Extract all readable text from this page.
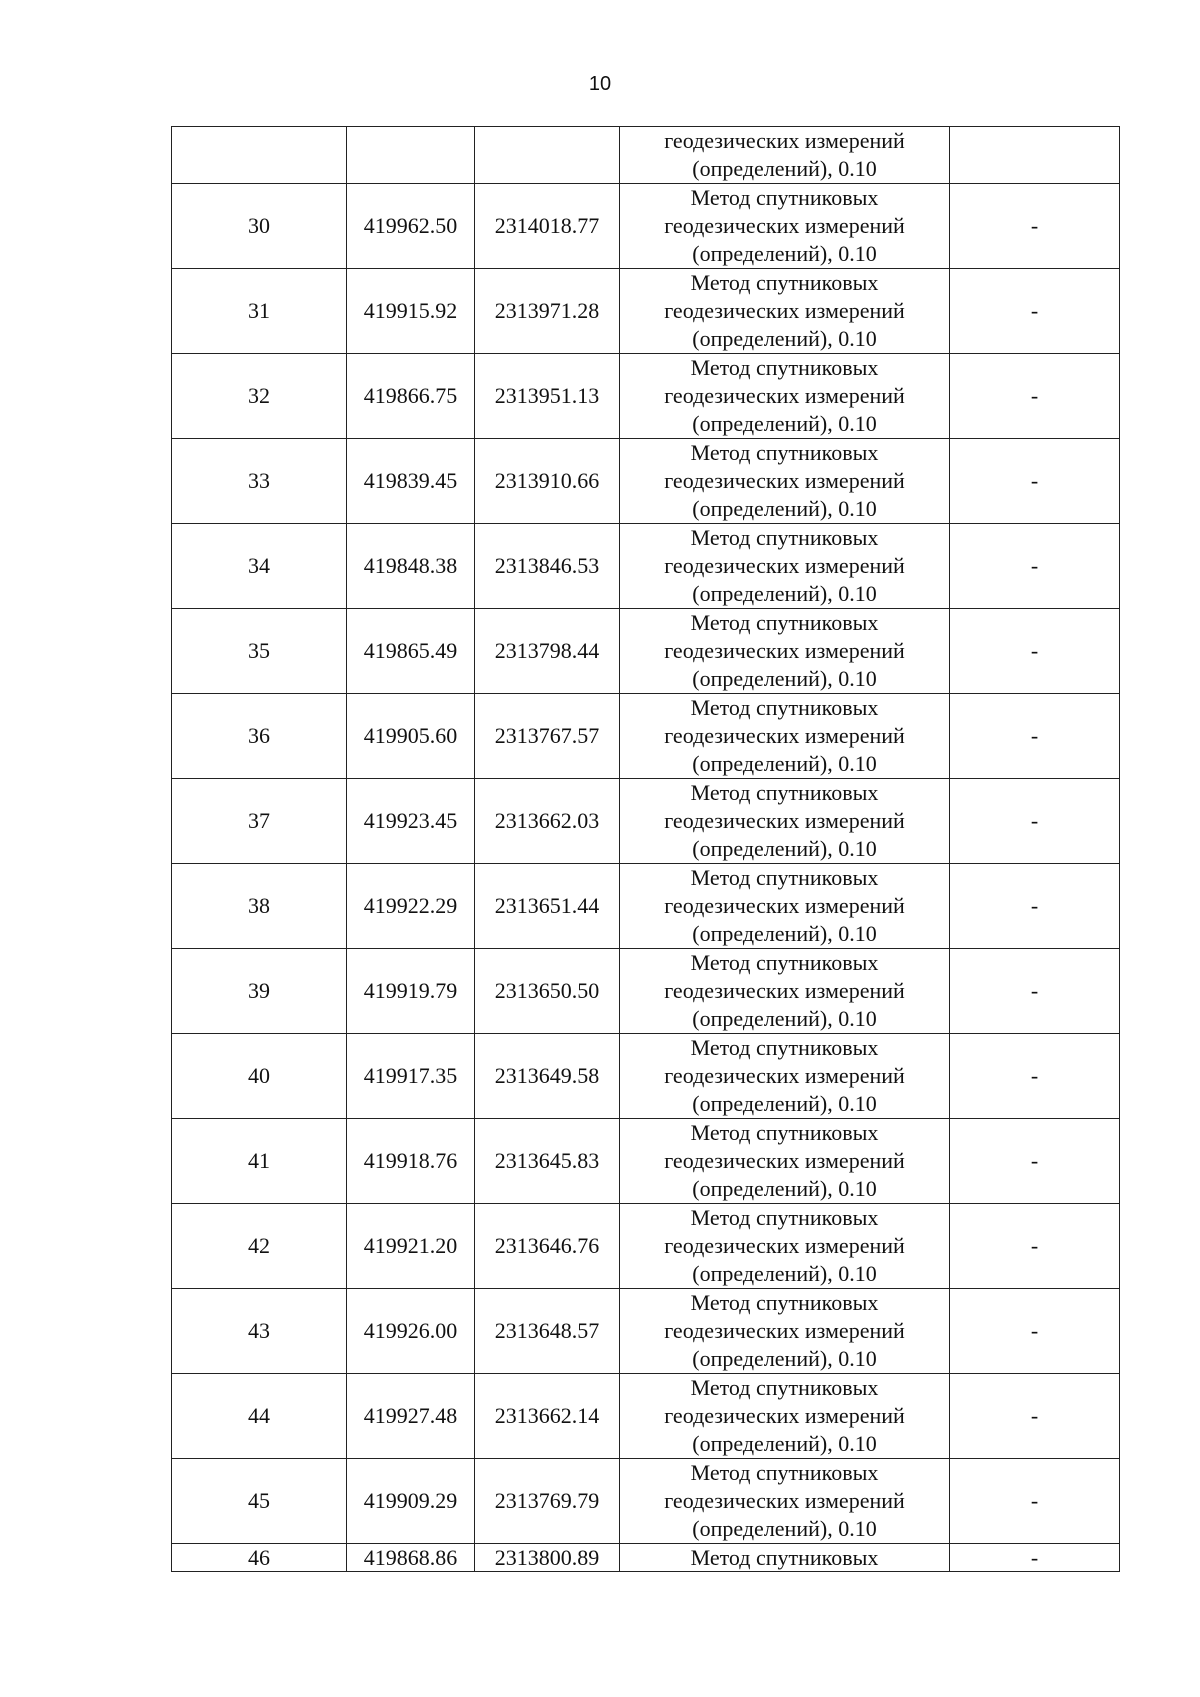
10

			геодезических измерений
(определений), 0.10	

30	419962.50	2314018.77	Метод спутниковых
геодезических измерений
(определений), 0.10	-
31	419915.92	2313971.28	Метод спутниковых
геодезических измерений
(определений), 0.10	-
32	419866.75	2313951.13	Метод спутниковых
геодезических измерений
(определений), 0.10	-
33	419839.45	2313910.66	Метод спутниковых
геодезических измерений
(определений), 0.10	-
34	419848.38	2313846.53	Метод спутниковых
геодезических измерений
(определений), 0.10	-
35	419865.49	2313798.44	Метод спутниковых
геодезических измерений
(определений), 0.10	-
36	419905.60	2313767.57	Метод спутниковых
геодезических измерений
(определений), 0.10	-
37	419923.45	2313662.03	Метод спутниковых
геодезических измерений
(определений), 0.10	-
38	419922.29	2313651.44	Метод спутниковых
геодезических измерений
(определений), 0.10	-
39	419919.79	2313650.50	Метод спутниковых
геодезических измерений
(определений), 0.10	-
40	419917.35	2313649.58	Метод спутниковых
геодезических измерений
(определений), 0.10	-
41	419918.76	2313645.83	Метод спутниковых
геодезических измерений
(определений), 0.10	-
42	419921.20	2313646.76	Метод спутниковых
геодезических измерений
(определений), 0.10	-
43	419926.00	2313648.57	Метод спутниковых
геодезических измерений
(определений), 0.10	-
44	419927.48	2313662.14	Метод спутниковых
геодезических измерений
(определений), 0.10	-
45	419909.29	2313769.79	Метод спутниковых
геодезических измерений
(определений), 0.10	-
46	419868.86	2313800.89	Метод спутниковых	-
